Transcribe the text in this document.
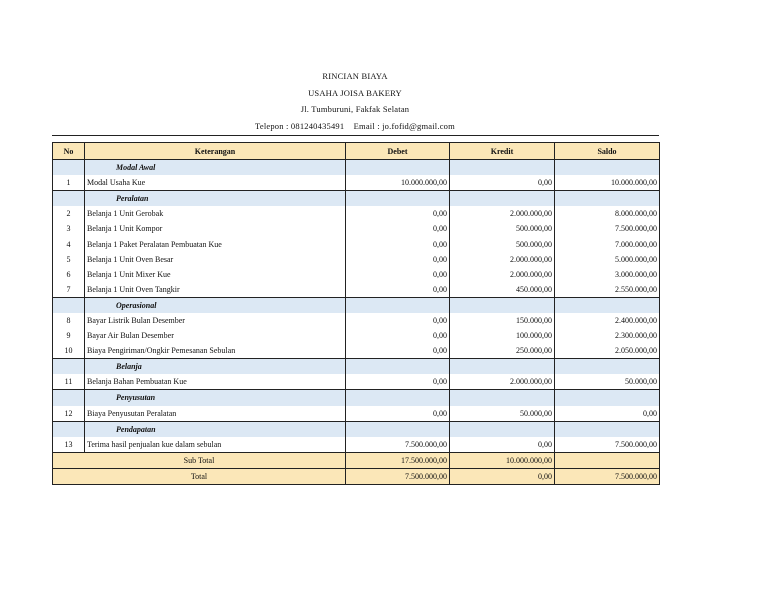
RINCIAN BIAYA
USAHA JOISA BAKERY
Jl. Tumburuni, Fakfak Selatan
Telepon : 081240435491    Email : jo.fofid@gmail.com
No	Keterangan	Debet	Kredit	Saldo
	Modal Awal			
1	Modal Usaha Kue	10.000.000,00	0,00	10.000.000,00
	Peralatan			
2	Belanja 1 Unit Gerobak	0,00	2.000.000,00	8.000.000,00
3	Belanja 1 Unit Kompor	0,00	500.000,00	7.500.000,00
4	Belanja 1 Paket Peralatan Pembuatan Kue	0,00	500.000,00	7.000.000,00
5	Belanja 1 Unit Oven Besar	0,00	2.000.000,00	5.000.000,00
6	Belanja 1 Unit Mixer Kue	0,00	2.000.000,00	3.000.000,00
7	Belanja 1 Unit Oven Tangkir	0,00	450.000,00	2.550.000,00
	Operasional			
8	Bayar Listrik Bulan Desember	0,00	150.000,00	2.400.000,00
9	Bayar Air Bulan Desember	0,00	100.000,00	2.300.000,00
10	Biaya Pengiriman/Ongkir Pemesanan Sebulan	0,00	250.000,00	2.050.000,00
	Belanja			
11	Belanja Bahan Pembuatan Kue	0,00	2.000.000,00	50.000,00
	Penyusutan			
12	Biaya Penyusutan Peralatan	0,00	50.000,00	0,00
	Pendapatan			
13	Terima hasil penjualan kue dalam sebulan	7.500.000,00	0,00	7.500.000,00
Sub Total		17.500.000,00	10.000.000,00	
Total		7.500.000,00	0,00	7.500.000,00
